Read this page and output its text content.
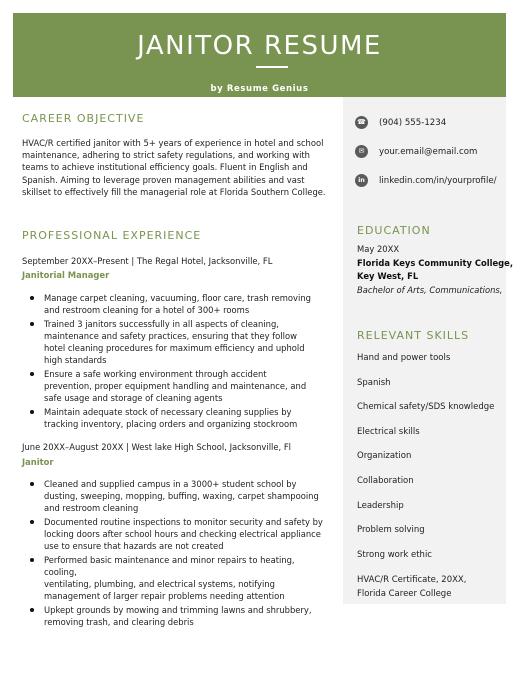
JANITOR RESUME
by Resume Genius
CAREER OBJECTIVE
HVAC/R certified janitor with 5+ years of experience in hotel and school
maintenance, adhering to strict safety regulations, and working with
teams to achieve institutional efficiency goals. Fluent in English and
Spanish. Aiming to leverage proven management abilities and vast
skillset to effectively fill the managerial role at Florida Southern College.
PROFESSIONAL EXPERIENCE
September 20XX–Present | The Regal Hotel, Jacksonville, FL
Janitorial Manager
Manage carpet cleaning, vacuuming, floor care, trash removing
and restroom cleaning for a hotel of 300+ rooms
Trained 3 janitors successfully in all aspects of cleaning,
maintenance and safety practices, ensuring that they follow
hotel cleaning procedures for maximum efficiency and uphold
high standards
Ensure a safe working environment through accident
prevention, proper equipment handling and maintenance, and
safe usage and storage of cleaning agents
Maintain adequate stock of necessary cleaning supplies by
tracking inventory, placing orders and organizing stockroom
June 20XX–August 20XX | West lake High School, Jacksonville, Fl
Janitor
Cleaned and supplied campus in a 3000+ student school by
dusting, sweeping, mopping, buffing, waxing, carpet shampooing
and restroom cleaning
Documented routine inspections to monitor security and safety by
locking doors after school hours and checking electrical appliance
use to ensure that hazards are not created
Performed basic maintenance and minor repairs to heating, cooling,
ventilating, plumbing, and electrical systems, notifying
management of larger repair problems needing attention
Upkept grounds by mowing and trimming lawns and shrubbery,
removing trash, and clearing debris
☎ (904) 555-1234
✉	your.email@email.com
in	linkedin.com/in/yourprofile/
EDUCATION
May 20XX
Florida Keys Community College,
Key West, FL
Bachelor of Arts, Communications,
RELEVANT SKILLS
Hand and power tools
Spanish
Chemical safety/SDS knowledge
Electrical skills
Organization
Collaboration
Leadership
Problem solving
Strong work ethic
HVAC/R Certificate, 20XX,
Florida Career College
